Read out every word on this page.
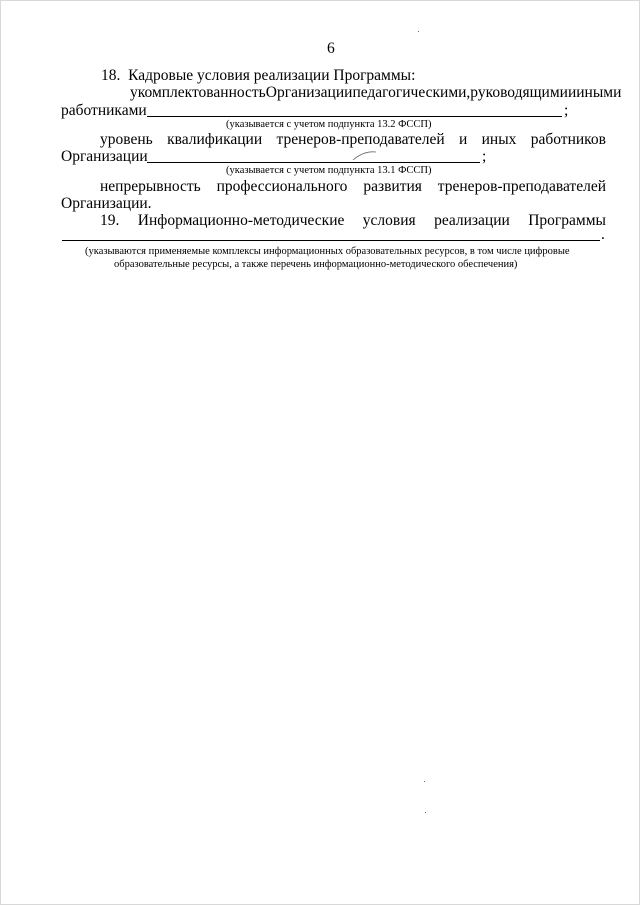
6
18. Кадровые условия реализации Программы:
укомплектованность Организации педагогическими, руководящими и иными
работниками	;
(указывается с учетом подпункта 13.2 ФССП)
уровень квалификации тренеров-преподавателей и иных работников
Организации	;
(указывается с учетом подпункта 13.1 ФССП)
непрерывность профессионального развития тренеров-преподавателей
Организации.
19. Информационно-методические условия реализации Программы
.
(указываются применяемые комплексы информационных образовательных ресурсов, в том числе цифровые
образовательные ресурсы, а также перечень информационно-методического обеспечения)
